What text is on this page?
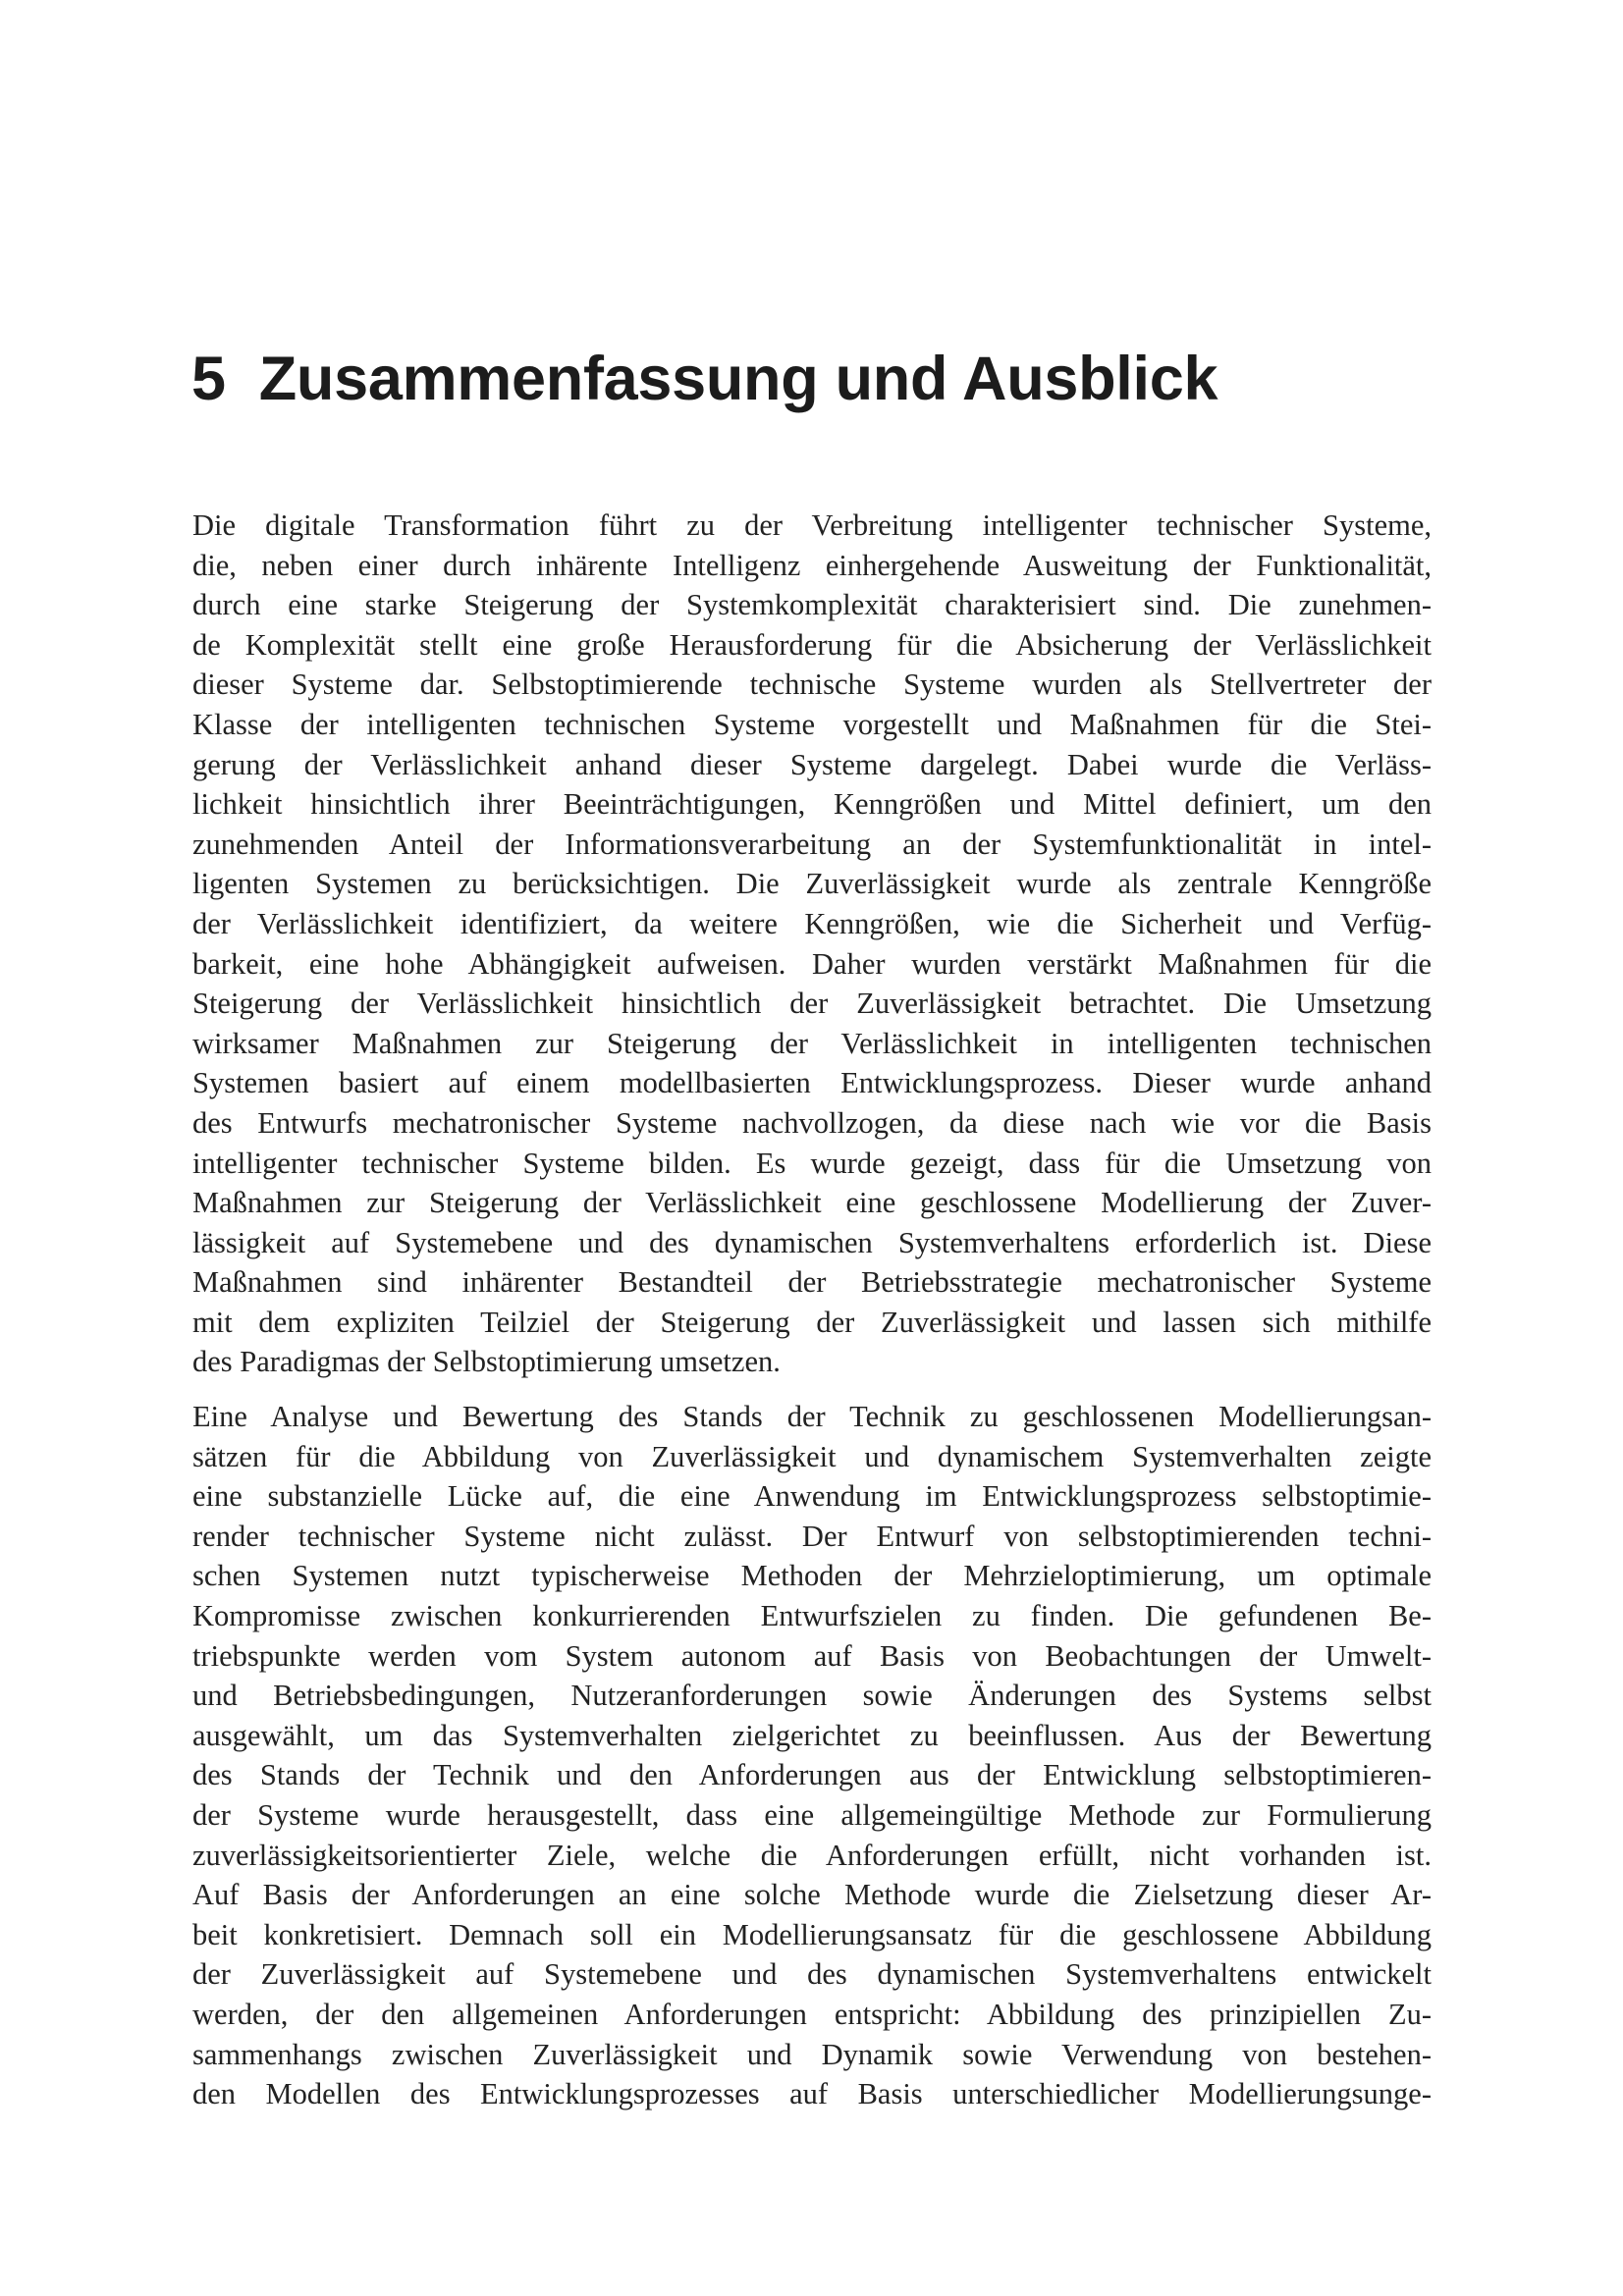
5 Zusammenfassung und Ausblick
Die digitale Transformation führt zu der Verbreitung intelligenter technischer Systeme,
die, neben einer durch inhärente Intelligenz einhergehende Ausweitung der Funktionalität,
durch eine starke Steigerung der Systemkomplexität charakterisiert sind. Die zunehmen-
de Komplexität stellt eine große Herausforderung für die Absicherung der Verlässlichkeit
dieser Systeme dar. Selbstoptimierende technische Systeme wurden als Stellvertreter der
Klasse der intelligenten technischen Systeme vorgestellt und Maßnahmen für die Stei-
gerung der Verlässlichkeit anhand dieser Systeme dargelegt. Dabei wurde die Verläss-
lichkeit hinsichtlich ihrer Beeinträchtigungen, Kenngrößen und Mittel definiert, um den
zunehmenden Anteil der Informationsverarbeitung an der Systemfunktionalität in intel-
ligenten Systemen zu berücksichtigen. Die Zuverlässigkeit wurde als zentrale Kenngröße
der Verlässlichkeit identifiziert, da weitere Kenngrößen, wie die Sicherheit und Verfüg-
barkeit, eine hohe Abhängigkeit aufweisen. Daher wurden verstärkt Maßnahmen für die
Steigerung der Verlässlichkeit hinsichtlich der Zuverlässigkeit betrachtet. Die Umsetzung
wirksamer Maßnahmen zur Steigerung der Verlässlichkeit in intelligenten technischen
Systemen basiert auf einem modellbasierten Entwicklungsprozess. Dieser wurde anhand
des Entwurfs mechatronischer Systeme nachvollzogen, da diese nach wie vor die Basis
intelligenter technischer Systeme bilden. Es wurde gezeigt, dass für die Umsetzung von
Maßnahmen zur Steigerung der Verlässlichkeit eine geschlossene Modellierung der Zuver-
lässigkeit auf Systemebene und des dynamischen Systemverhaltens erforderlich ist. Diese
Maßnahmen sind inhärenter Bestandteil der Betriebsstrategie mechatronischer Systeme
mit dem expliziten Teilziel der Steigerung der Zuverlässigkeit und lassen sich mithilfe
des Paradigmas der Selbstoptimierung umsetzen.
Eine Analyse und Bewertung des Stands der Technik zu geschlossenen Modellierungsan-
sätzen für die Abbildung von Zuverlässigkeit und dynamischem Systemverhalten zeigte
eine substanzielle Lücke auf, die eine Anwendung im Entwicklungsprozess selbstoptimie-
render technischer Systeme nicht zulässt. Der Entwurf von selbstoptimierenden techni-
schen Systemen nutzt typischerweise Methoden der Mehrzieloptimierung, um optimale
Kompromisse zwischen konkurrierenden Entwurfszielen zu finden. Die gefundenen Be-
triebspunkte werden vom System autonom auf Basis von Beobachtungen der Umwelt-
und Betriebsbedingungen, Nutzeranforderungen sowie Änderungen des Systems selbst
ausgewählt, um das Systemverhalten zielgerichtet zu beeinflussen. Aus der Bewertung
des Stands der Technik und den Anforderungen aus der Entwicklung selbstoptimieren-
der Systeme wurde herausgestellt, dass eine allgemeingültige Methode zur Formulierung
zuverlässigkeitsorientierter Ziele, welche die Anforderungen erfüllt, nicht vorhanden ist.
Auf Basis der Anforderungen an eine solche Methode wurde die Zielsetzung dieser Ar-
beit konkretisiert. Demnach soll ein Modellierungsansatz für die geschlossene Abbildung
der Zuverlässigkeit auf Systemebene und des dynamischen Systemverhaltens entwickelt
werden, der den allgemeinen Anforderungen entspricht: Abbildung des prinzipiellen Zu-
sammenhangs zwischen Zuverlässigkeit und Dynamik sowie Verwendung von bestehen-
den Modellen des Entwicklungsprozesses auf Basis unterschiedlicher Modellierungsunge-
